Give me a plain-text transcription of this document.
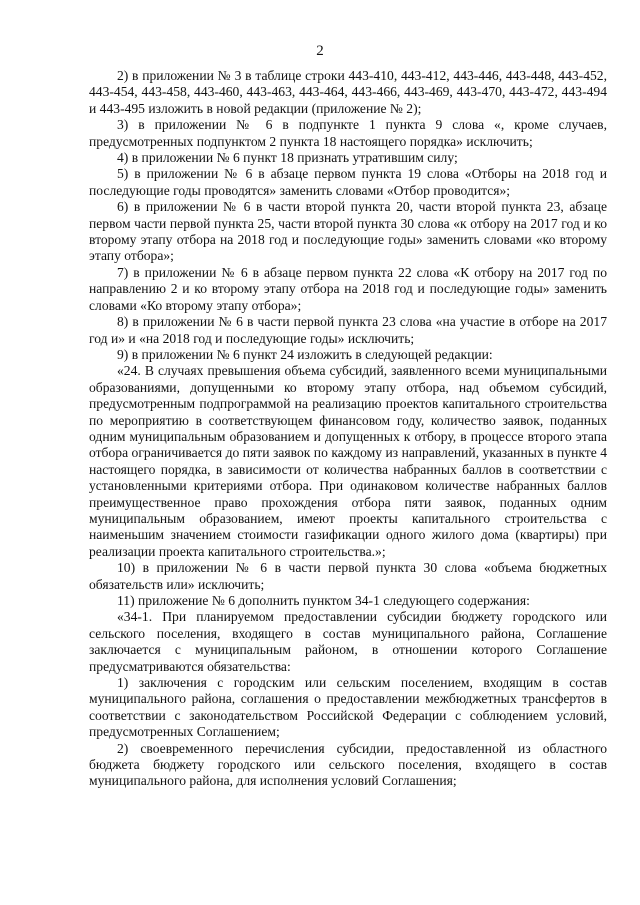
2

2) в приложении № 3 в таблице строки 443-410, 443-412, 443-446, 443-448, 443-452, 443-454, 443-458, 443-460, 443-463, 443-464, 443-466, 443-469, 443-470, 443-472, 443-494 и 443-495 изложить в новой редакции (приложение № 2);

3) в приложении № 6 в подпункте 1 пункта 9 слова «, кроме случаев, предусмотренных подпунктом 2 пункта 18 настоящего порядка» исключить;

4) в приложении № 6 пункт 18 признать утратившим силу;

5) в приложении № 6 в абзаце первом пункта 19 слова «Отборы на 2018 год и последующие годы проводятся» заменить словами «Отбор проводится»;

6) в приложении № 6 в части второй пункта 20, части второй пункта 23, абзаце первом части первой пункта 25, части второй пункта 30 слова «к отбору на 2017 год и ко второму этапу отбора на 2018 год и последующие годы» заменить словами «ко второму этапу отбора»;

7) в приложении № 6 в абзаце первом пункта 22 слова «К отбору на 2017 год по направлению 2 и ко второму этапу отбора на 2018 год и последующие годы» заменить словами «Ко второму этапу отбора»;

8) в приложении № 6 в части первой пункта 23 слова «на участие в отборе на 2017 год и» и «на 2018 год и последующие годы» исключить;

9) в приложении № 6 пункт 24 изложить в следующей редакции:

«24. В случаях превышения объема субсидий, заявленного всеми муниципальными образованиями, допущенными ко второму этапу отбора, над объемом субсидий, предусмотренным подпрограммой на реализацию проектов капитального строительства по мероприятию в соответствующем финансовом году, количество заявок, поданных одним муниципальным образованием и допущенных к отбору, в процессе второго этапа отбора ограничивается до пяти заявок по каждому из направлений, указанных в пункте 4 настоящего порядка, в зависимости от количества набранных баллов в соответствии с установленными критериями отбора. При одинаковом количестве набранных баллов преимущественное право прохождения отбора пяти заявок, поданных одним муниципальным образованием, имеют проекты капитального строительства с наименьшим значением стоимости газификации одного жилого дома (квартиры) при реализации проекта капитального строительства.»;

10) в приложении № 6 в части первой пункта 30 слова «объема бюджетных обязательств или» исключить;

11) приложение № 6 дополнить пунктом 34-1 следующего содержания:

«34-1. При планируемом предоставлении субсидии бюджету городского или сельского поселения, входящего в состав муниципального района, Соглашение заключается с муниципальным районом, в отношении которого Соглашение предусматриваются обязательства:

1) заключения с городским или сельским поселением, входящим в состав муниципального района, соглашения о предоставлении межбюджетных трансфертов в соответствии с законодательством Российской Федерации с соблюдением условий, предусмотренных Соглашением;

2) своевременного перечисления субсидии, предоставленной из областного бюджета бюджету городского или сельского поселения, входящего в состав муниципального района, для исполнения условий Соглашения;
